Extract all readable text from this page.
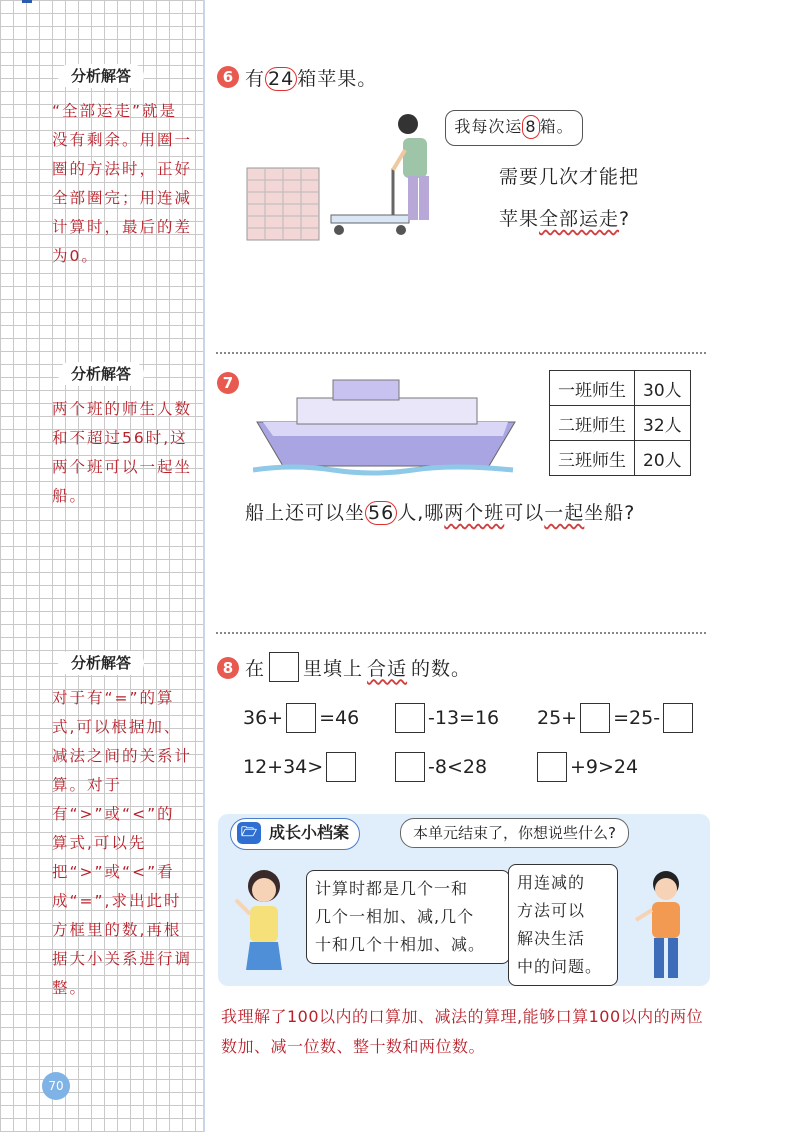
分析解答
“全部运走”就是没有剩余。用圈一圈的方法时，正好全部圈完；用连减计算时，最后的差为0。
分析解答
两个班的师生人数和不超过56时,这两个班可以一起坐船。
分析解答
对于有“=”的算式,可以根据加、减法之间的关系计算。对于有“>”或“<”的算式,可以先把“>”或“<”看成“=”,求出此时方框里的数,再根据大小关系进行调整。
70
6 有 24 箱苹果。
我每次运 8 箱。
需要几次才能把
苹果全部运走?
7	一班师生	30人
二班师生	32人
三班师生	20人
船上还可以坐 56 人,哪两个班可以一起坐船?
8 在 里填上 合适 的数。
36+ =46	-13=16 25+ =25-
12+34>	-8<28	+9>24
🗁 成长小档案	本单元结束了，你想说些什么?
计算时都是几个一和
几个一相加、减,几个
十和几个十相加、减。
用连减的
方法可以
解决生活
中的问题。
我理解了100以内的口算加、减法的算理,能够口算100以内的两位数加、减一位数、整十数和两位数。
